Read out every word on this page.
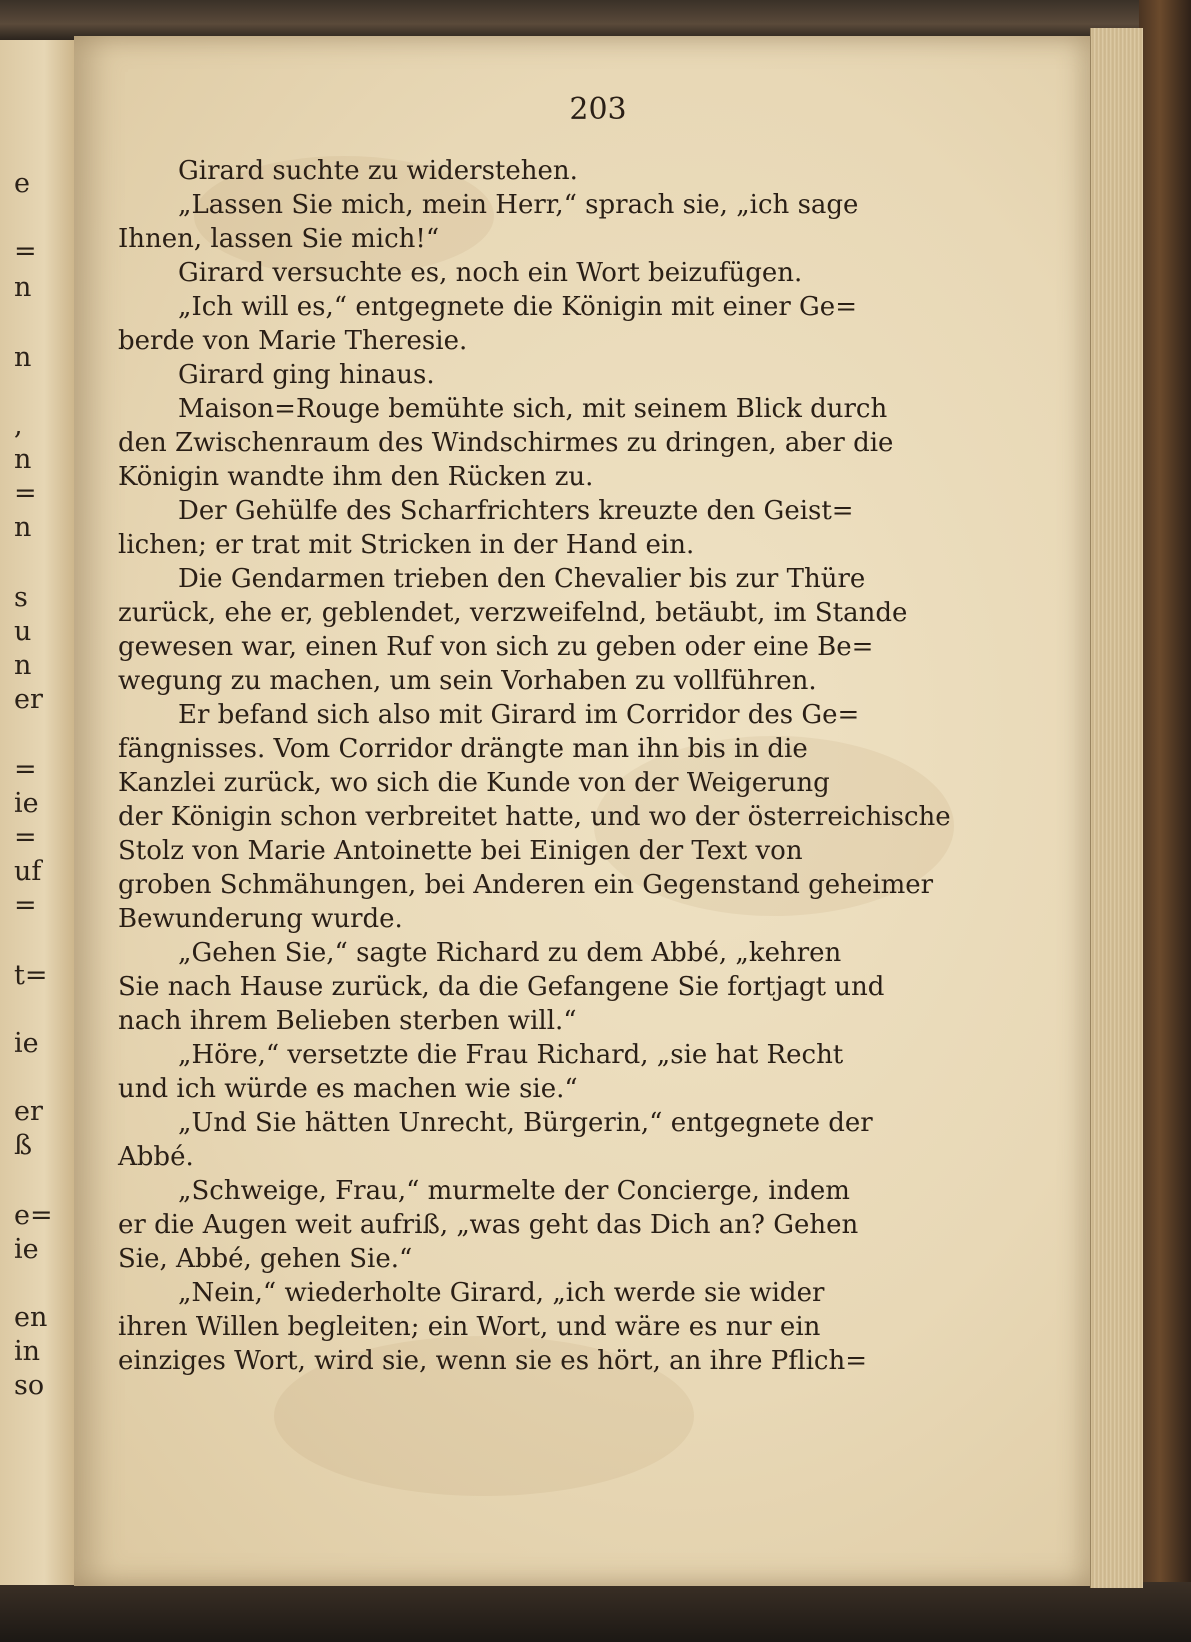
e
=
n
n
,
n
=
n
s
u
n
er
=
ie
=
uf
=
t=
ie
er
ß
e=
ie
en
in
so
203
Girard suchte zu widerstehen.
„Lassen Sie mich, mein Herr,“ sprach sie, „ich sage
Ihnen, lassen Sie mich!“
Girard versuchte es, noch ein Wort beizufügen.
„Ich will es,“ entgegnete die Königin mit einer Ge=
berde von Marie Theresie.
Girard ging hinaus.
Maison=Rouge bemühte sich, mit seinem Blick durch
den Zwischenraum des Windschirmes zu dringen, aber die
Königin wandte ihm den Rücken zu.
Der Gehülfe des Scharfrichters kreuzte den Geist=
lichen; er trat mit Stricken in der Hand ein.
Die Gendarmen trieben den Chevalier bis zur Thüre
zurück, ehe er, geblendet, verzweifelnd, betäubt, im Stande
gewesen war, einen Ruf von sich zu geben oder eine Be=
wegung zu machen, um sein Vorhaben zu vollführen.
Er befand sich also mit Girard im Corridor des Ge=
fängnisses. Vom Corridor drängte man ihn bis in die
Kanzlei zurück, wo sich die Kunde von der Weigerung
der Königin schon verbreitet hatte, und wo der österreichische
Stolz von Marie Antoinette bei Einigen der Text von
groben Schmähungen, bei Anderen ein Gegenstand geheimer
Bewunderung wurde.
„Gehen Sie,“ sagte Richard zu dem Abbé, „kehren
Sie nach Hause zurück, da die Gefangene Sie fortjagt und
nach ihrem Belieben sterben will.“
„Höre,“ versetzte die Frau Richard, „sie hat Recht
und ich würde es machen wie sie.“
„Und Sie hätten Unrecht, Bürgerin,“ entgegnete der
Abbé.
„Schweige, Frau,“ murmelte der Concierge, indem
er die Augen weit aufriß, „was geht das Dich an? Gehen
Sie, Abbé, gehen Sie.“
„Nein,“ wiederholte Girard, „ich werde sie wider
ihren Willen begleiten; ein Wort, und wäre es nur ein
einziges Wort, wird sie, wenn sie es hört, an ihre Pflich=
